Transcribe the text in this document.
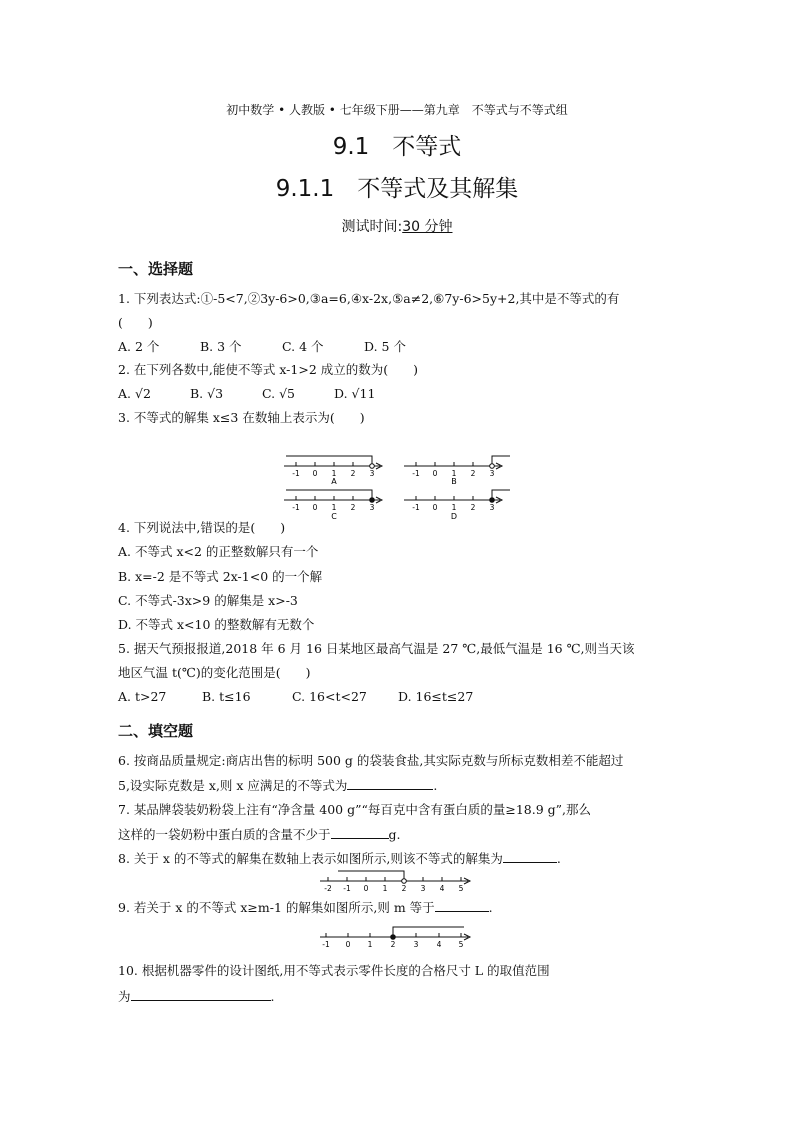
初中数学 • 人教版 • 七年级下册——第九章　不等式与不等式组
9.1　不等式
9.1.1　不等式及其解集
测试时间:30 分钟
一、选择题
1. 下列表达式:①-5<7,②3y-6>0,③a=6,④x-2x,⑤a≠2,⑥7y-6>5y+2,其中是不等式的有
(　　)
A. 2 个	B. 3 个	C. 4 个	D. 5 个
2. 在下列各数中,能使不等式 x-1>2 成立的数为(　　)
A. √2	B. √3	C. √5	D. √11
3. 不等式的解集 x≤3 在数轴上表示为(　　)
-1 0 1 2 3
A
-1 0 1 2 3
B
-1 0 1 2 3
C
-1 0 1 2 3
D
4. 下列说法中,错误的是(　　)
A. 不等式 x<2 的正整数解只有一个
B. x=-2 是不等式 2x-1<0 的一个解
C. 不等式-3x>9 的解集是 x>-3
D. 不等式 x<10 的整数解有无数个
5. 据天气预报报道,2018 年 6 月 16 日某地区最高气温是 27 ℃,最低气温是 16 ℃,则当天该
地区气温 t(℃)的变化范围是(　　)
A. t>27	B. t≤16	C. 16<t<27 D. 16≤t≤27
二、填空题
6. 按商品质量规定:商店出售的标明 500 g 的袋装食盐,其实际克数与所标克数相差不能超过
5,设实际克数是 x,则 x 应满足的不等式为	.
7. 某品牌袋装奶粉袋上注有“净含量 400 g”“每百克中含有蛋白质的量≥18.9 g”,那么
这样的一袋奶粉中蛋白质的含量不少于	g.
8. 关于 x 的不等式的解集在数轴上表示如图所示,则该不等式的解集为	.
-2 -1 0 1 2 3 4 5
9. 若关于 x 的不等式 x≥m-1 的解集如图所示,则 m 等于	.
-1 0 1 2 3 4 5
10. 根据机器零件的设计图纸,用不等式表示零件长度的合格尺寸 L 的取值范围
为	.
